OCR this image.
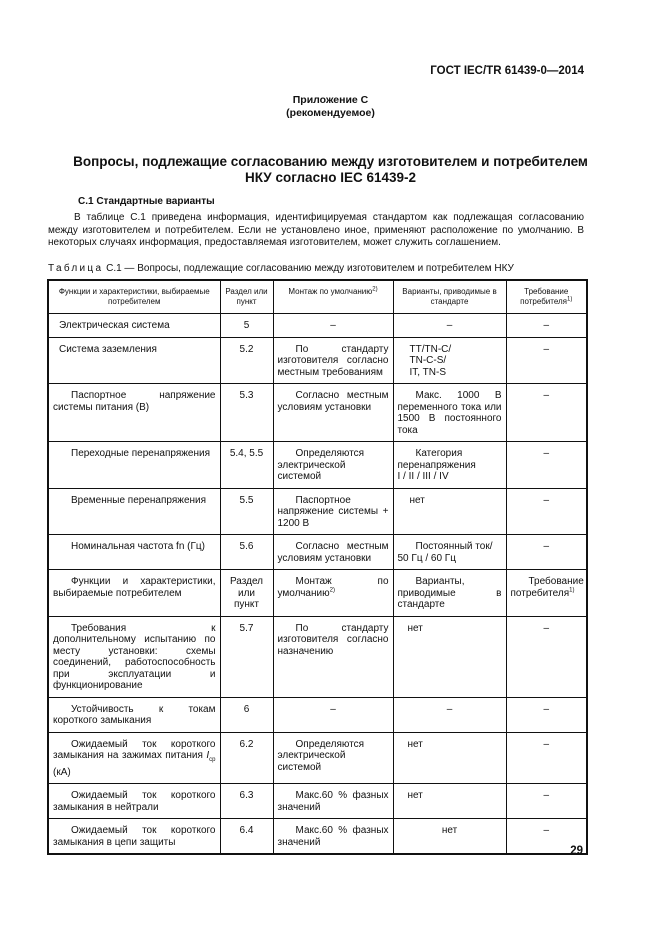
ГОСТ IEC/TR 61439-0—2014
Приложение С
(рекомендуемое)
Вопросы, подлежащие согласованию между изготовителем и потребителем НКУ согласно IEC 61439-2
С.1 Стандартные варианты

В таблице С.1 приведена информация, идентифицируемая стандартом как подлежащая согласованию между изготовителем и потребителем. Если не установлено иное, применяют расположение по умолчанию. В некоторых случаях информация, предоставляемая изготовителем, может служить соглашением.

Таблица С.1 — Вопросы, подлежащие согласованию между изготовителем и потребителем НКУ
Функции и характеристики, выбираемые потребителем	Раздел или пункт	Монтаж по умолчанию$^{2)}$	Варианты, приводимые в стандарте	Требование потребителя$^{1)}$
Электрическая система	5	–	–	–
Система заземления	5.2	По стандарту изготовителя согласно местным требованиям	TT/TN-C/
TN-C-S/
IT, TN-S	–
Паспортное напряжение системы питания (В)	5.3	Согласно местным условиям установки	Макс. 1000 В переменного тока или 1500 В постоянного тока	–
Переходные перенапряжения	5.4, 5.5	Определяются электрической системой	Категория перенапряжения
I / II / III / IV	–
Временные перенапряжения	5.5	Паспортное напряжение системы + 1200 В	нет	–
Номинальная частота fn (Гц)	5.6	Согласно местным условиям установки	Постоянный ток/
50 Гц / 60 Гц	–
Функции и характеристики, выбираемые потребителем	Раздел или пункт	Монтаж по умолчанию$^{2)}$	Варианты, приводимые в стандарте	Требование потребителя$^{1)}$
Требования к дополнительному испытанию по месту установки: схемы соединений, работоспособность при эксплуатации и функционирование	5.7	По стандарту изготовителя согласно назначению	нет	–
Устойчивость к токам короткого замыкания	6	–	–	–
Ожидаемый ток короткого замыкания на зажимах питания $I_{cp}$ (кА)	6.2	Определяются электрической системой	нет	–
Ожидаемый ток короткого замыкания в нейтрали	6.3	Макс.60 % фазных значений	нет	–
Ожидаемый ток короткого замыкания в цепи защиты	6.4	Макс.60 % фазных значений	нет	–
29
